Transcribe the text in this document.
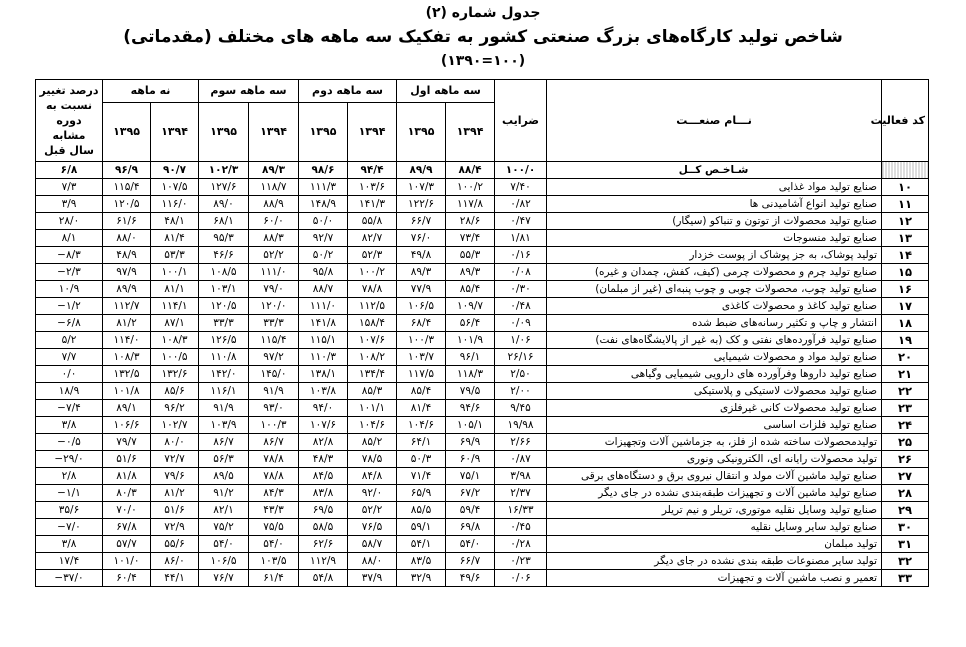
جدول شماره (۲)
شاخص تولید کارگاه‌های بزرگ صنعتی کشور به تفکیک سه ماهه های مختلف (مقدماتی)
(۱۰۰=۱۳۹۰)
کد فعالیت	نـــام صنعـــت	ضرایب	سه ماهه اول		سه ماهه دوم		سه ماهه سوم		نه ماهه		درصد تغییر نسبت به دوره مشابه سال قبل
			۱۳۹۴	۱۳۹۵	۱۳۹۴	۱۳۹۵	۱۳۹۴	۱۳۹۵	۱۳۹۴	۱۳۹۵	
	شـاخـص کــل	۱۰۰/۰	۸۸/۴	۸۹/۹	۹۴/۴	۹۸/۶	۸۹/۳	۱۰۲/۳	۹۰/۷	۹۶/۹	۶/۸
۱۰	صنایع تولید مواد غذایی	۷/۴۰	۱۰۰/۲	۱۰۷/۳	۱۰۳/۶	۱۱۱/۳	۱۱۸/۷	۱۲۷/۶	۱۰۷/۵	۱۱۵/۴	۷/۳
۱۱	صنایع تولید انواع آشامیدنی ها	۰/۸۲	۱۱۷/۸	۱۲۲/۶	۱۴۱/۳	۱۴۸/۹	۸۸/۹	۸۹/۰	۱۱۶/۰	۱۲۰/۵	۳/۹
۱۲	صنایع تولید محصولات از توتون و تنباکو (سیگار)	۰/۴۷	۲۸/۶	۶۶/۷	۵۵/۸	۵۰/۰	۶۰/۰	۶۸/۱	۴۸/۱	۶۱/۶	۲۸/۰
۱۳	صنایع تولید منسوجات	۱/۸۱	۷۳/۴	۷۶/۰	۸۲/۷	۹۲/۷	۸۸/۳	۹۵/۳	۸۱/۴	۸۸/۰	۸/۱
۱۴	تولید پوشاک، به جز پوشاک از پوست خزدار	۰/۱۶	۵۵/۳	۴۹/۸	۵۲/۳	۵۰/۲	۵۲/۲	۴۶/۶	۵۳/۳	۴۸/۹	۸/۳−
۱۵	صنایع تولید چرم و محصولات چرمی (کیف، کفش، چمدان و غیره)	۰/۰۸	۸۹/۳	۸۹/۳	۱۰۰/۲	۹۵/۸	۱۱۱/۰	۱۰۸/۵	۱۰۰/۱	۹۷/۹	۲/۳−
۱۶	صنایع تولید چوب، محصولات چوبی و چوب پنبه‌ای (غیر از مبلمان)	۰/۳۰	۸۵/۴	۷۷/۹	۷۸/۸	۸۸/۷	۷۹/۰	۱۰۳/۱	۸۱/۱	۸۹/۹	۱۰/۹
۱۷	صنایع تولید کاغذ و محصولات کاغذی	۰/۴۸	۱۰۹/۷	۱۰۶/۵	۱۱۲/۵	۱۱۱/۰	۱۲۰/۰	۱۲۰/۵	۱۱۴/۱	۱۱۲/۷	۱/۲−
۱۸	انتشار و چاپ و تکثیر رسانه‌های ضبط شده	۰/۰۹	۵۶/۴	۶۸/۴	۱۵۸/۴	۱۴۱/۸	۳۳/۳	۳۳/۳	۸۷/۱	۸۱/۲	۶/۸−
۱۹	صنایع تولید فرآورده‌های نفتی و کک (به غیر از پالایشگاه‌های نفت)	۱/۰۶	۱۰۱/۹	۱۰۰/۳	۱۰۷/۶	۱۱۵/۱	۱۱۵/۴	۱۲۶/۵	۱۰۸/۳	۱۱۴/۰	۵/۲
۲۰	صنایع تولید مواد و محصولات شیمیایی	۲۶/۱۶	۹۶/۱	۱۰۳/۷	۱۰۸/۲	۱۱۰/۳	۹۷/۲	۱۱۰/۸	۱۰۰/۵	۱۰۸/۳	۷/۷
۲۱	صنایع تولید داروها وفرآورده های دارویی شیمیایی وگیاهی	۲/۵۰	۱۱۸/۳	۱۱۷/۵	۱۳۴/۴	۱۳۸/۱	۱۴۵/۰	۱۴۲/۰	۱۳۲/۶	۱۳۲/۵	۰/۰
۲۲	صنایع تولید محصولات لاستیکی و پلاستیکی	۲/۰۰	۷۹/۵	۸۵/۴	۸۵/۳	۱۰۳/۸	۹۱/۹	۱۱۶/۱	۸۵/۶	۱۰۱/۸	۱۸/۹
۲۳	صنایع تولید محصولات کانی غیرفلزی	۹/۴۵	۹۴/۶	۸۱/۴	۱۰۱/۱	۹۴/۰	۹۳/۰	۹۱/۹	۹۶/۲	۸۹/۱	۷/۴−
۲۴	صنایع تولید فلزات اساسی	۱۹/۹۸	۱۰۵/۱	۱۰۴/۶	۱۰۴/۶	۱۰۷/۶	۱۰۰/۳	۱۰۳/۹	۱۰۲/۷	۱۰۶/۶	۳/۸
۲۵	تولیدمحصولات ساخته شده از فلز، به جزماشین آلات وتجهیزات	۲/۶۶	۶۹/۹	۶۴/۱	۸۵/۲	۸۲/۸	۸۶/۷	۸۶/۷	۸۰/۰	۷۹/۷	۰/۵−
۲۶	تولید محصولات رایانه ای، الکترونیکی ونوری	۰/۸۷	۶۰/۹	۵۰/۳	۷۸/۵	۴۸/۳	۷۸/۸	۵۶/۳	۷۲/۷	۵۱/۶	۲۹/۰−
۲۷	صنایع تولید ماشین آلات مولد و انتقال نیروی برق و دستگاه‌های برقی	۳/۹۸	۷۵/۱	۷۱/۴	۸۴/۸	۸۴/۵	۷۸/۸	۸۹/۵	۷۹/۶	۸۱/۸	۲/۸
۲۸	صنایع تولید ماشین آلات و تجهیزات طبقه‌بندی نشده در جای دیگر	۲/۳۷	۶۷/۲	۶۵/۹	۹۲/۰	۸۳/۸	۸۴/۳	۹۱/۲	۸۱/۲	۸۰/۳	۱/۱−
۲۹	صنایع تولید وسایل نقلیه موتوری، تریلر و نیم تریلر	۱۶/۳۳	۵۹/۴	۸۵/۵	۵۲/۲	۶۹/۵	۴۳/۳	۸۲/۱	۵۱/۶	۷۰/۰	۳۵/۶
۳۰	صنایع تولید سایر وسایل نقلیه	۰/۴۵	۶۹/۸	۵۹/۱	۷۶/۵	۵۸/۵	۷۵/۵	۷۵/۲	۷۲/۹	۶۷/۸	۷/۰−
۳۱	تولید مبلمان	۰/۲۸	۵۴/۰	۵۴/۱	۵۸/۷	۶۲/۶	۵۴/۰	۵۴/۰	۵۵/۶	۵۷/۷	۳/۸
۳۲	تولید سایر مصنوعات طبقه بندی نشده در جای دیگر	۰/۲۳	۶۶/۷	۸۳/۵	۸۸/۰	۱۱۲/۹	۱۰۳/۵	۱۰۶/۵	۸۶/۰	۱۰۱/۰	۱۷/۴
۳۳	تعمیر و نصب ماشین آلات و تجهیزات	۰/۰۶	۴۹/۶	۳۲/۹	۳۷/۹	۵۴/۸	۶۱/۴	۷۶/۷	۴۴/۱	۶۰/۴	۳۷/۰−
